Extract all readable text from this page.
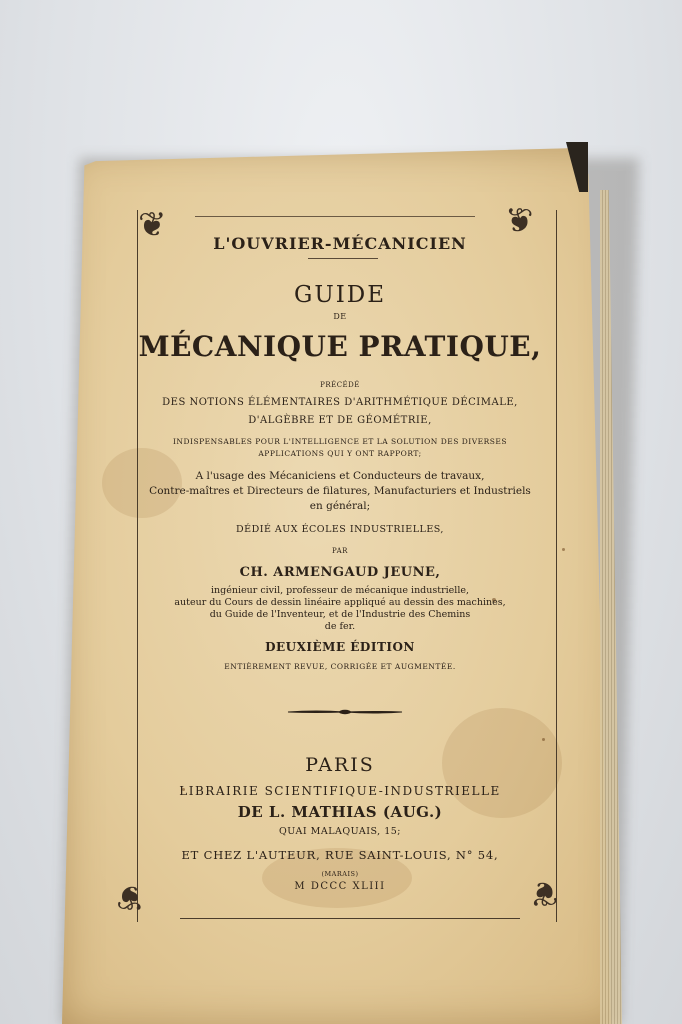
❦	❦
❦	❦
L'OUVRIER-MÉCANICIEN
GUIDE
DE
MÉCANIQUE PRATIQUE,
PRÉCÉDÉ
DES NOTIONS ÉLÉMENTAIRES D'ARITHMÉTIQUE DÉCIMALE,
D'ALGÈBRE ET DE GÉOMÉTRIE,
INDISPENSABLES POUR L'INTELLIGENCE ET LA SOLUTION DES DIVERSES
APPLICATIONS QUI Y ONT RAPPORT;
A l'usage des Mécaniciens et Conducteurs de travaux,
Contre-maîtres et Directeurs de filatures, Manufacturiers et Industriels
en général;
DÉDIÉ AUX ÉCOLES INDUSTRIELLES,
PAR
CH. ARMENGAUD JEUNE,
ingénieur civil, professeur de mécanique industrielle,
auteur du Cours de dessin linéaire appliqué au dessin des machines,
du Guide de l'Inventeur, et de l'Industrie des Chemins
de fer.
DEUXIÈME ÉDITION
ENTIÈREMENT REVUE, CORRIGÉE ET AUGMENTÉE.
PARIS
LIBRAIRIE SCIENTIFIQUE-INDUSTRIELLE
DE L. MATHIAS (AUG.)
QUAI MALAQUAIS, 15;
ET CHEZ L'AUTEUR, RUE SAINT-LOUIS, N° 54,
(MARAIS)
M DCCC XLIII
